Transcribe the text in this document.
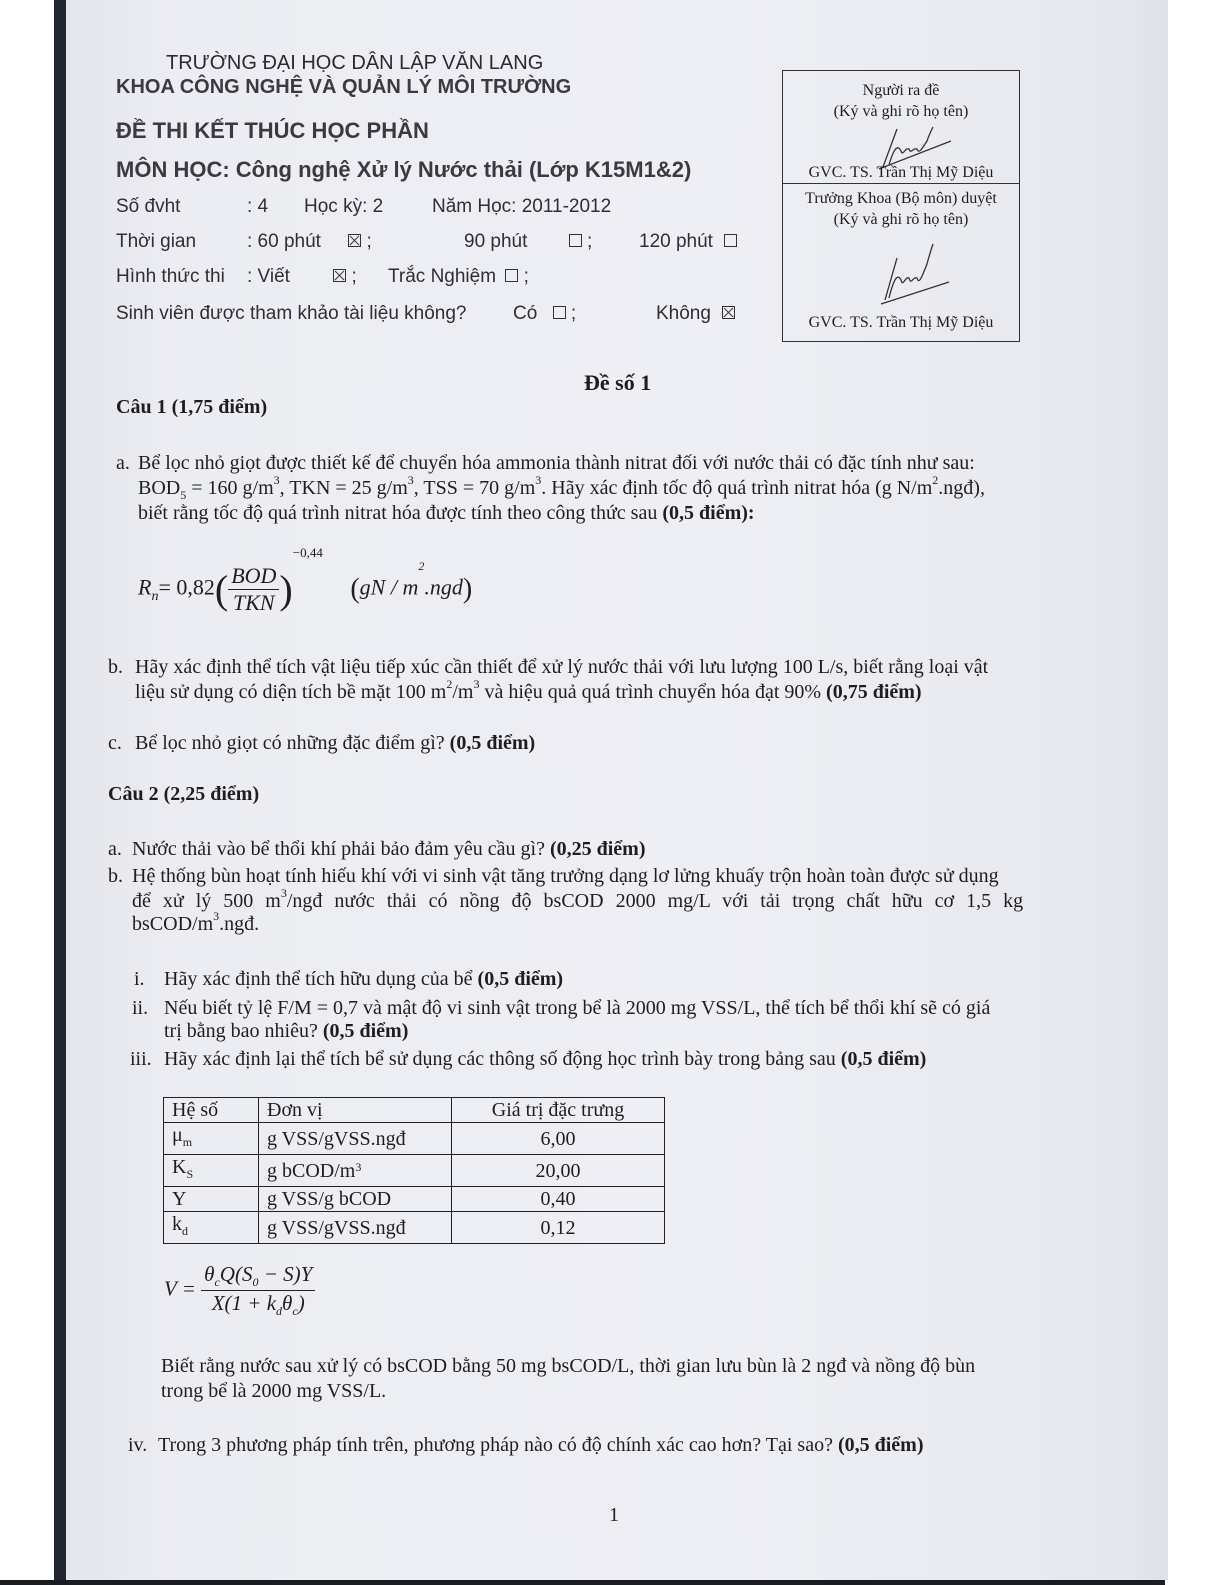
TRƯỜNG ĐẠI HỌC DÂN LẬP VĂN LANG
KHOA CÔNG NGHỆ VÀ QUẢN LÝ MÔI TRƯỜNG
ĐỀ THI KẾT THÚC HỌC PHẦN
MÔN HỌC: Công nghệ Xử lý Nước thải (Lớp K15M1&2)
Số đvht	: 4 Học kỳ: 2	Năm Học: 2011-2012
Thời gian	: 60 phút ;	90 phút	; 120 phút
Hình thức thi : Viết	; Trắc Nghiệm ;
Sinh viên được tham khảo tài liệu không? Có ;	Không
Người ra đề
(Ký và ghi rõ họ tên)
GVC. TS. Trần Thị Mỹ Diệu
Trưởng Khoa (Bộ môn) duyệt
(Ký và ghi rõ họ tên)
GVC. TS. Trần Thị Mỹ Diệu
Đề số 1
Câu 1 (1,75 điểm)
a. Bể lọc nhỏ giọt được thiết kế để chuyển hóa ammonia thành nitrat đối với nước thải có đặc tính như sau:
$BOD_5 = 160$ $g/m^3$, TKN = 25 $g/m^3$, TSS = 70 $g/m^3$. Hãy xác định tốc độ quá trình nitrat hóa (g $N/m^2.ngđ$),
biết rằng tốc độ quá trình nitrat hóa được tính theo công thức sau (0,5 điểm):
$R_n= 0,82( \frac{\text{BOD}}{\text{TKN}} )^{-0,44}$ $(gN / m^2.ngd)$
b. Hãy xác định thể tích vật liệu tiếp xúc cần thiết để xử lý nước thải với lưu lượng 100 L/s, biết rằng loại vật
liệu sử dụng có diện tích bề mặt 100 $m^2/m^3$ và hiệu quả quá trình chuyển hóa đạt 90% (0,75 điểm)
c. Bể lọc nhỏ giọt có những đặc điểm gì? (0,5 điểm)
Câu 2 (2,25 điểm)
a. Nước thải vào bể thổi khí phải bảo đảm yêu cầu gì? (0,25 điểm)
b. Hệ thống bùn hoạt tính hiếu khí với vi sinh vật tăng trưởng dạng lơ lửng khuấy trộn hoàn toàn được sử dụng
để xử lý 500 $m^3$/ngđ nước thải có nồng độ bsCOD 2000 mg/L với tải trọng chất hữu cơ 1,5 kg
bsCOD/$m^3.ngđ$.
i. Hãy xác định thể tích hữu dụng của bể (0,5 điểm)
ii. Nếu biết tỷ lệ F/M = 0,7 và mật độ vi sinh vật trong bể là 2000 mg VSS/L, thể tích bể thổi khí sẽ có giá
trị bằng bao nhiêu? (0,5 điểm)
iii. Hãy xác định lại thể tích bể sử dụng các thông số động học trình bày trong bảng sau (0,5 điểm)
Hệ số	Đơn vị	Giá trị đặc trưng
$\mu_m$	g VSS/gVSS.ngđ	6,00
$K_S$	g bCOD/$m^3$	20,00
Y	g VSS/g bCOD	0,40
$k_d$	g VSS/gVSS.ngđ	0,12
$V = \frac{\theta_cQ(S_0 - S)Y}{X(1 + k_d\theta_c)}$
Biết rằng nước sau xử lý có bsCOD bằng 50 mg bsCOD/L, thời gian lưu bùn là 2 ngđ và nồng độ bùn
trong bể là 2000 mg VSS/L.
iv. Trong 3 phương pháp tính trên, phương pháp nào có độ chính xác cao hơn? Tại sao? (0,5 điểm)
1
